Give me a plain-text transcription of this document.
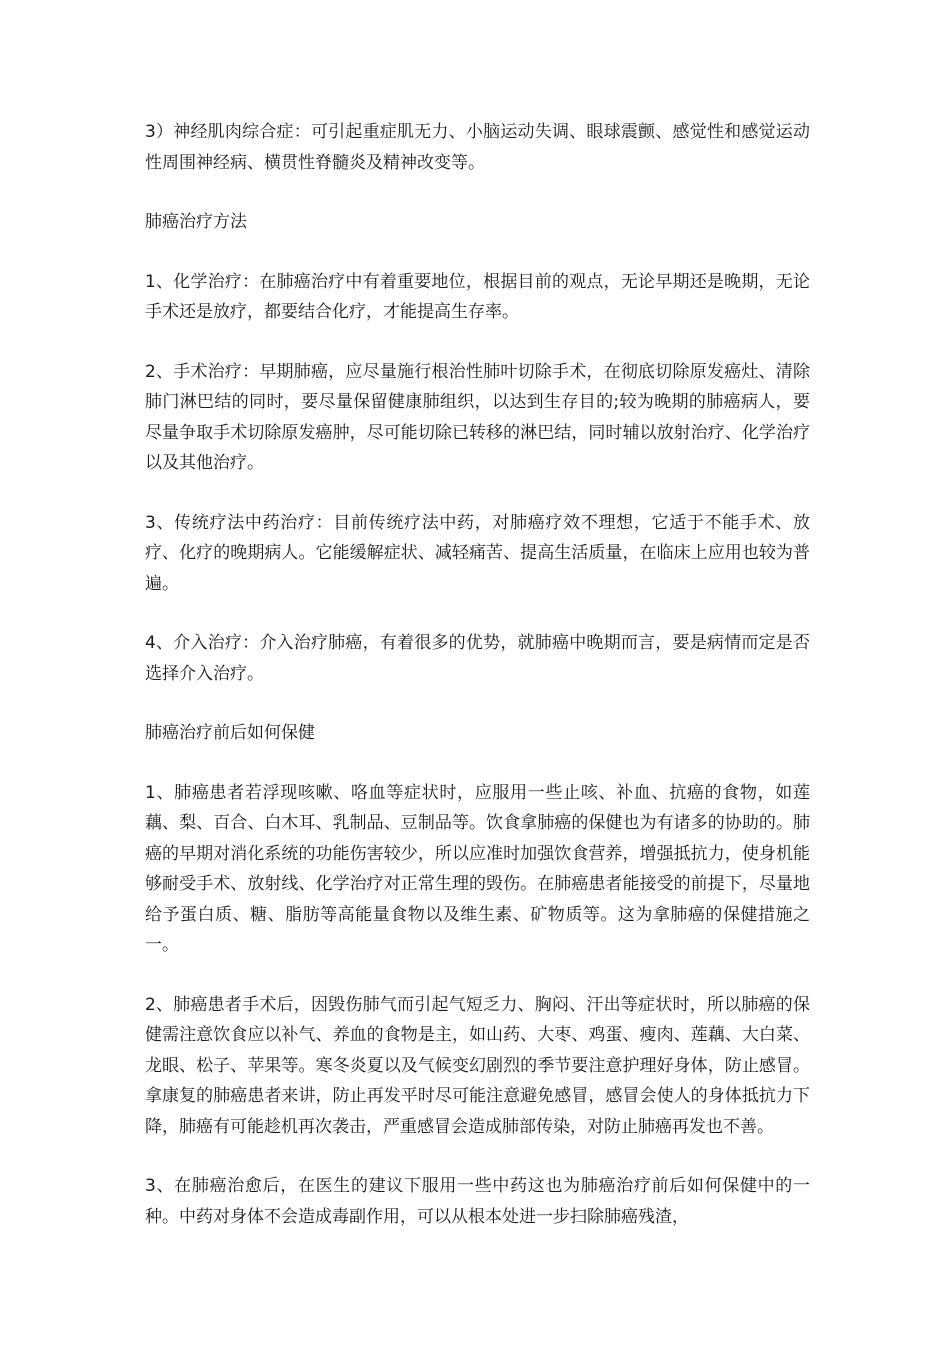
3）神经肌肉综合症：可引起重症肌无力、小脑运动失调、眼球震颤、感觉性和感觉运动性周围神经病、横贯性脊髓炎及精神改变等。

肺癌治疗方法

1、化学治疗：在肺癌治疗中有着重要地位，根据目前的观点，无论早期还是晚期，无论手术还是放疗，都要结合化疗，才能提高生存率。

2、手术治疗：早期肺癌，应尽量施行根治性肺叶切除手术，在彻底切除原发癌灶、清除肺门淋巴结的同时，要尽量保留健康肺组织，以达到生存目的;较为晚期的肺癌病人，要尽量争取手术切除原发癌肿，尽可能切除已转移的淋巴结，同时辅以放射治疗、化学治疗以及其他治疗。

3、传统疗法中药治疗：目前传统疗法中药，对肺癌疗效不理想，它适于不能手术、放疗、化疗的晚期病人。它能缓解症状、减轻痛苦、提高生活质量，在临床上应用也较为普遍。

4、介入治疗：介入治疗肺癌，有着很多的优势，就肺癌中晚期而言，要是病情而定是否选择介入治疗。

肺癌治疗前后如何保健

1、肺癌患者若浮现咳嗽、咯血等症状时，应服用一些止咳、补血、抗癌的食物，如莲藕、梨、百合、白木耳、乳制品、豆制品等。饮食拿肺癌的保健也为有诸多的协助的。肺癌的早期对消化系统的功能伤害较少，所以应准时加强饮食营养，增强抵抗力，使身机能够耐受手术、放射线、化学治疗对正常生理的毁伤。在肺癌患者能接受的前提下，尽量地给予蛋白质、糖、脂肪等高能量食物以及维生素、矿物质等。这为拿肺癌的保健措施之一。

2、肺癌患者手术后，因毁伤肺气而引起气短乏力、胸闷、汗出等症状时，所以肺癌的保健需注意饮食应以补气、养血的食物是主，如山药、大枣、鸡蛋、瘦肉、莲藕、大白菜、龙眼、松子、苹果等。寒冬炎夏以及气候变幻剧烈的季节要注意护理好身体，防止感冒。拿康复的肺癌患者来讲，防止再发平时尽可能注意避免感冒，感冒会使人的身体抵抗力下降，肺癌有可能趁机再次袭击，严重感冒会造成肺部传染，对防止肺癌再发也不善。

3、在肺癌治愈后，在医生的建议下服用一些中药这也为肺癌治疗前后如何保健中的一种。中药对身体不会造成毒副作用，可以从根本处进一步扫除肺癌残渣，
